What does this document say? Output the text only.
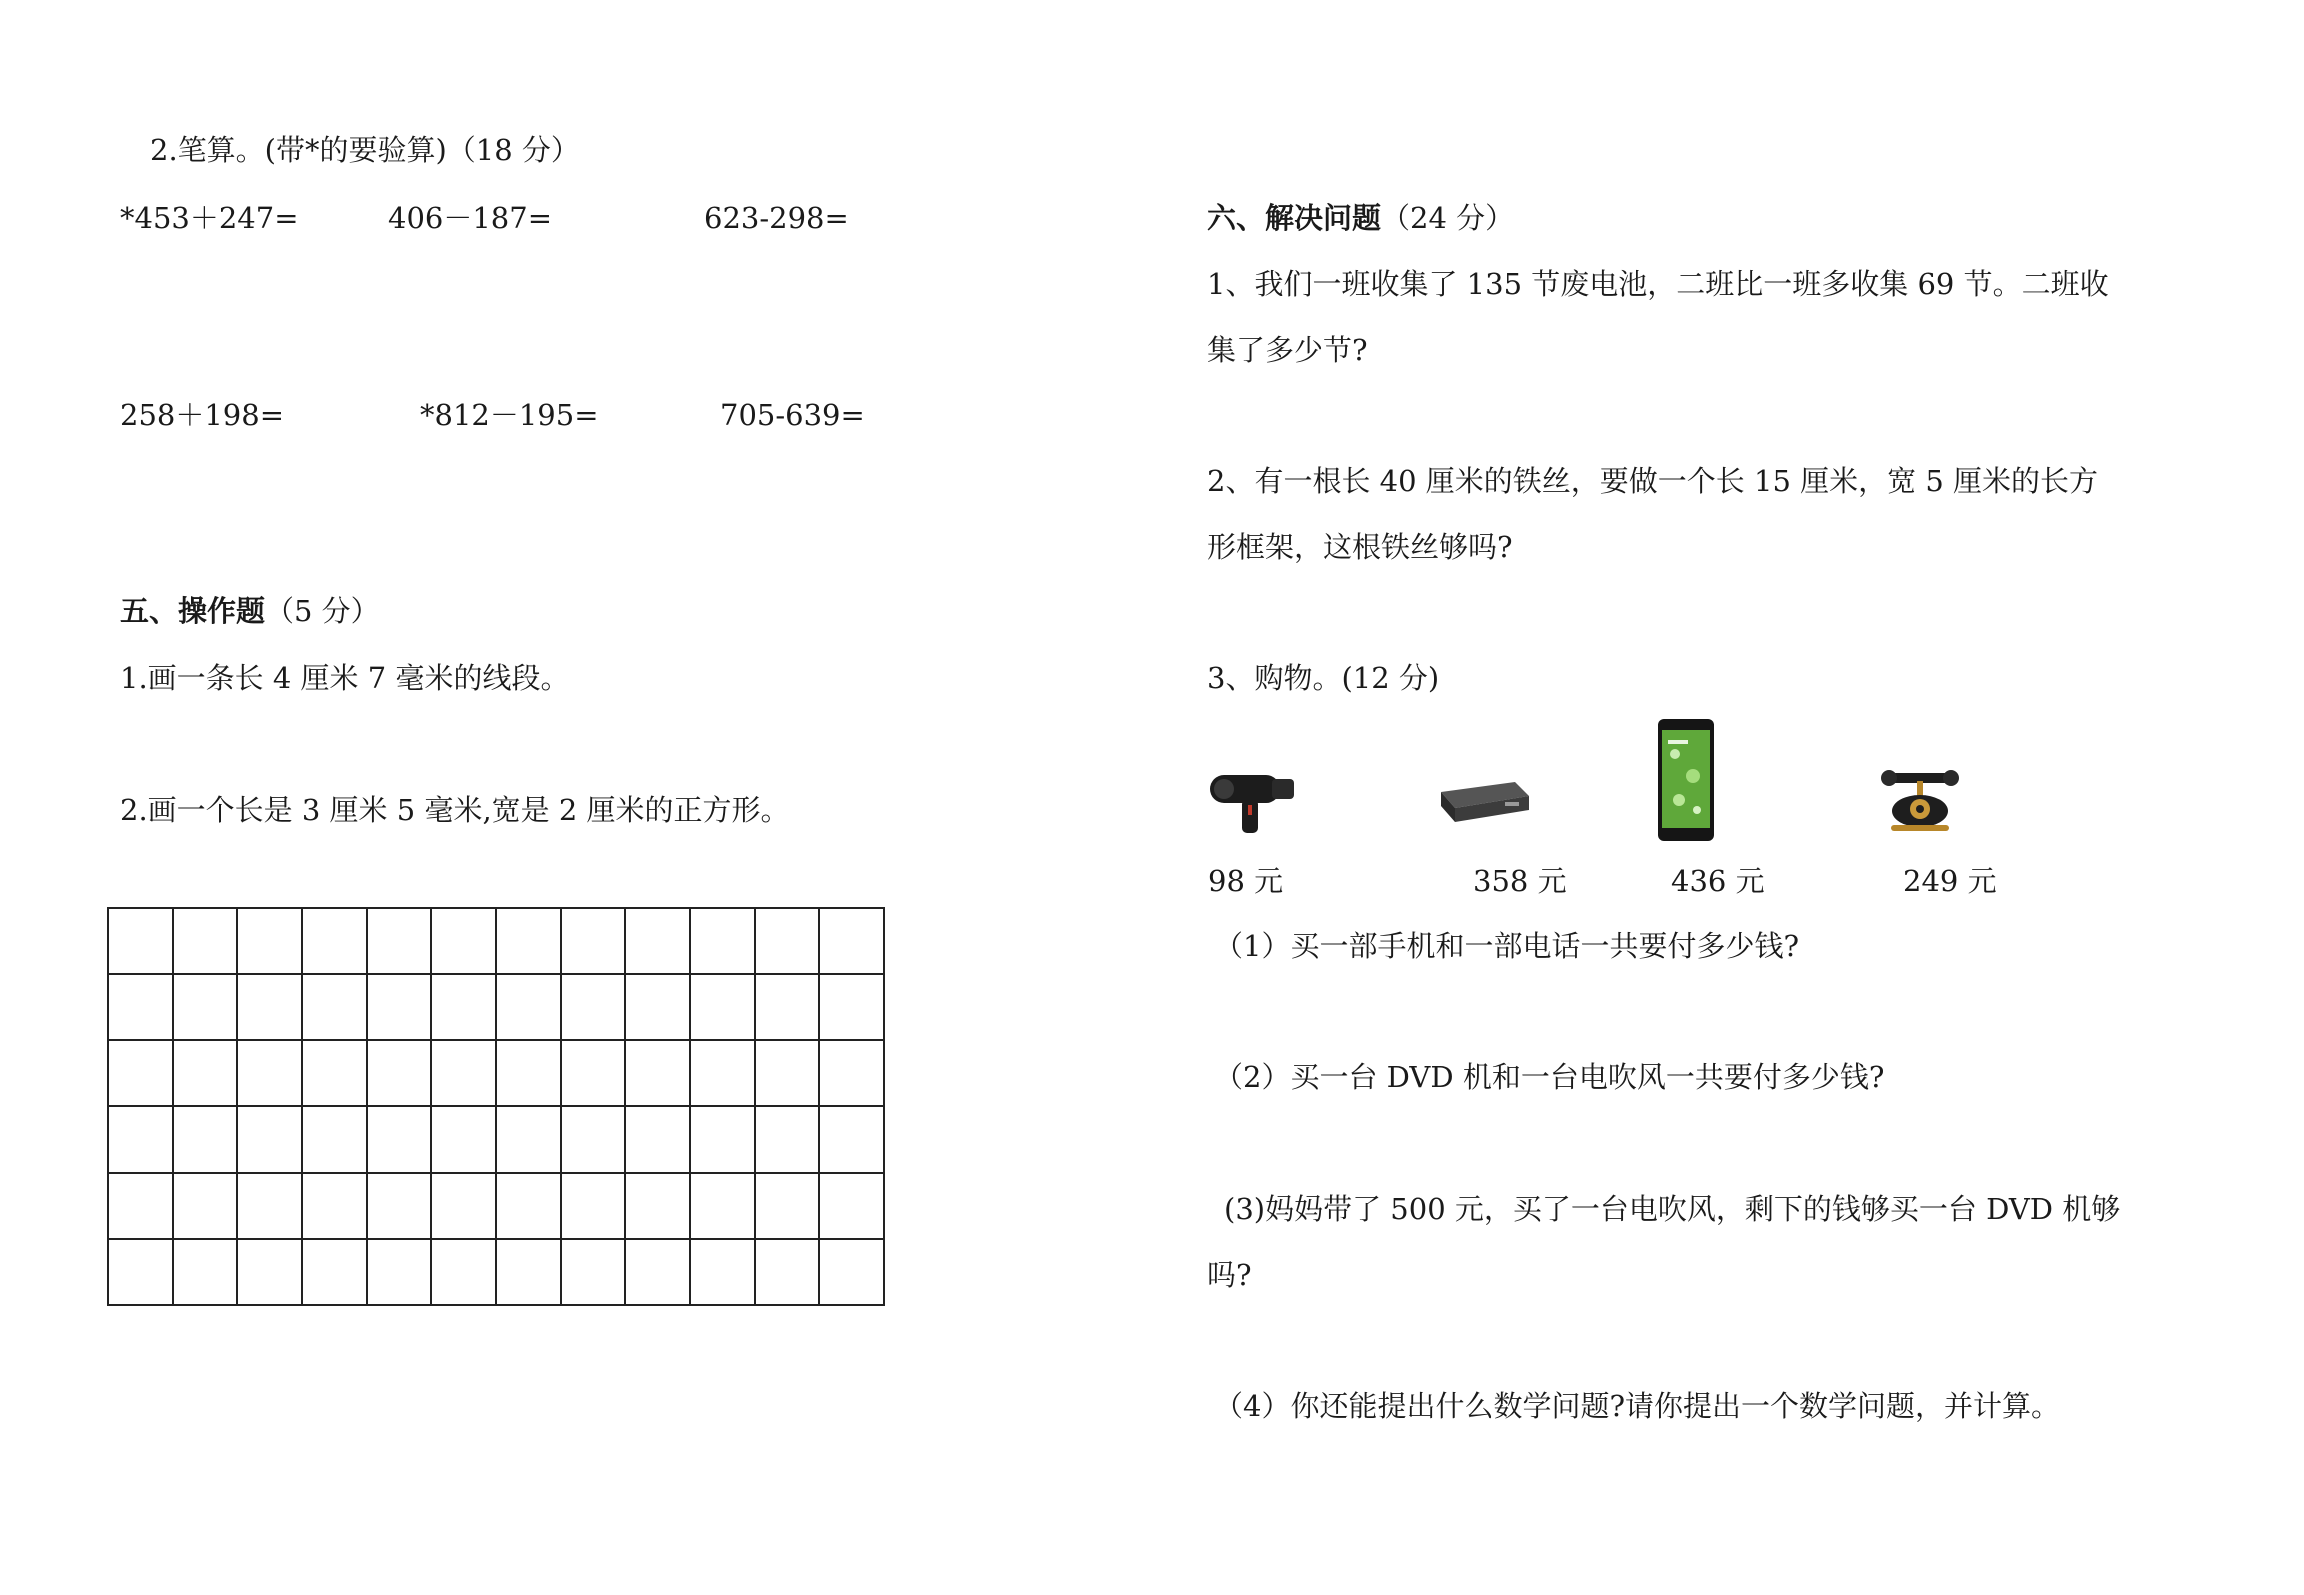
2.笔算。(带*的要验算)（18 分）
*453＋247=	406－187=	623-298=
258＋198=	*812－195=	705-639=
五、操作题（5 分）
1.画一条长 4 厘米 7 毫米的线段。
2.画一个长是 3 厘米 5 毫米,宽是 2 厘米的正方形。
六、解决问题（24 分）
1、我们一班收集了 135 节废电池，二班比一班多收集 69 节。二班收
集了多少节?
2、有一根长 40 厘米的铁丝，要做一个长 15 厘米，宽 5 厘米的长方
形框架，这根铁丝够吗?
3、购物。(12 分)
98 元	358 元	436 元	249 元
（1）买一部手机和一部电话一共要付多少钱?
（2）买一台 DVD 机和一台电吹风一共要付多少钱?
(3)妈妈带了 500 元，买了一台电吹风，剩下的钱够买一台 DVD 机够
吗?
（4）你还能提出什么数学问题?请你提出一个数学问题，并计算。
